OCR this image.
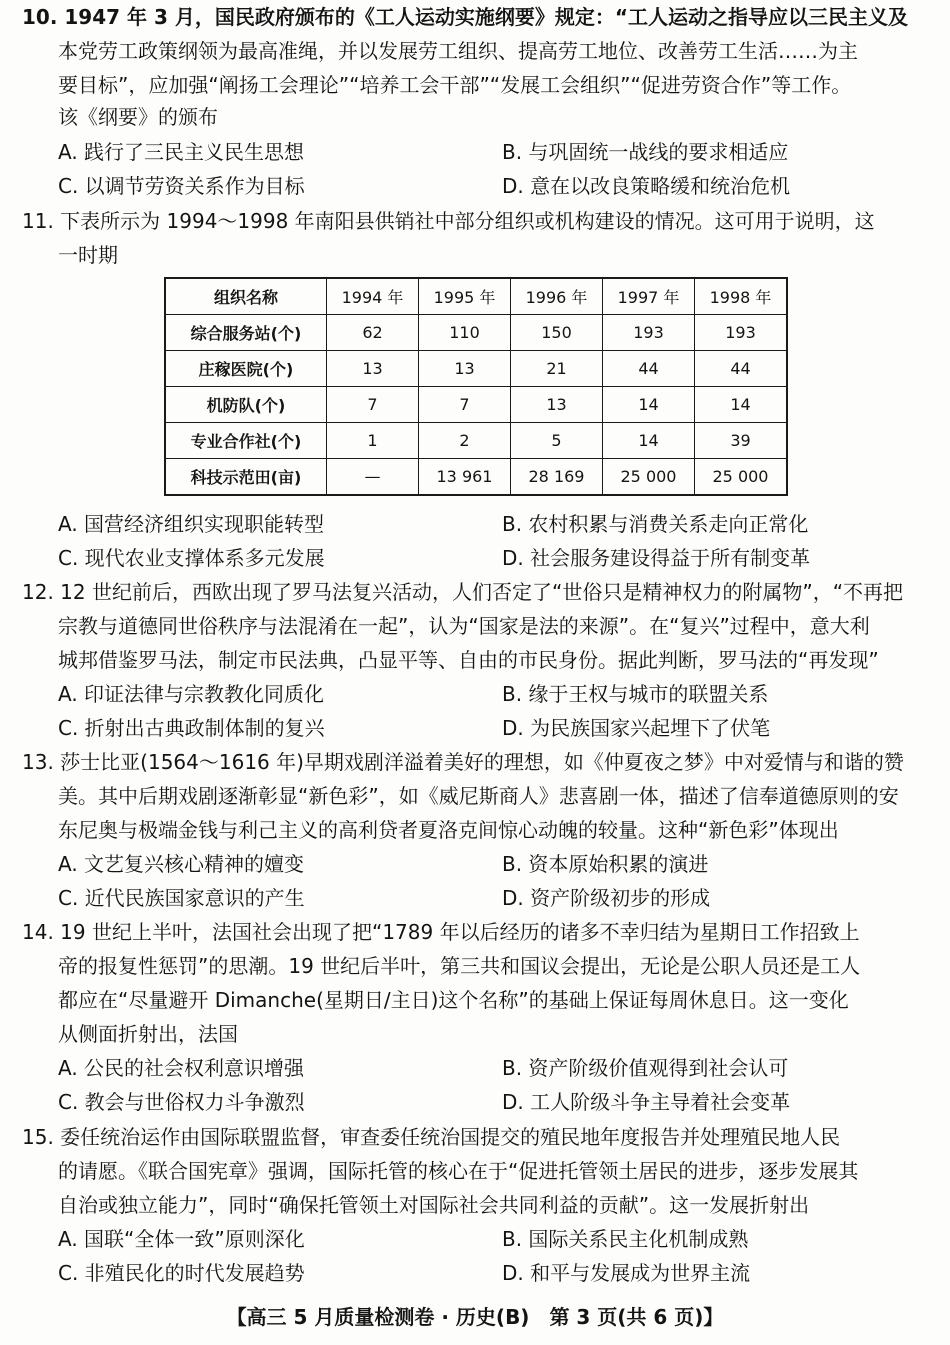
10. 1947 年 3 月，国民政府颁布的《工人运动实施纲要》规定：“工人运动之指导应以三民主义及
本党劳工政策纲领为最高准绳，并以发展劳工组织、提高劳工地位、改善劳工生活……为主
要目标”，应加强“阐扬工会理论”“培养工会干部”“发展工会组织”“促进劳资合作”等工作。
该《纲要》的颁布
A. 践行了三民主义民生思想	B. 与巩固统一战线的要求相适应
C. 以调节劳资关系作为目标	D. 意在以改良策略缓和统治危机
11. 下表所示为 1994～1998 年南阳县供销社中部分组织或机构建设的情况。这可用于说明，这
一时期
组织名称	1994 年	1995 年	1996 年	1997 年	1998 年
综合服务站(个)	62	110	150	193	193
庄稼医院(个)	13	13	21	44	44
机防队(个)	7	7	13	14	14
专业合作社(个)	1	2	5	14	39
科技示范田(亩)	—	13 961	28 169	25 000	25 000
A. 国营经济组织实现职能转型	B. 农村积累与消费关系走向正常化
C. 现代农业支撑体系多元发展	D. 社会服务建设得益于所有制变革
12. 12 世纪前后，西欧出现了罗马法复兴活动，人们否定了“世俗只是精神权力的附属物”，“不再把
宗教与道德同世俗秩序与法混淆在一起”，认为“国家是法的来源”。在“复兴”过程中，意大利
城邦借鉴罗马法，制定市民法典，凸显平等、自由的市民身份。据此判断，罗马法的“再发现”
A. 印证法律与宗教教化同质化	B. 缘于王权与城市的联盟关系
C. 折射出古典政制体制的复兴	D. 为民族国家兴起埋下了伏笔
13. 莎士比亚(1564～1616 年)早期戏剧洋溢着美好的理想，如《仲夏夜之梦》中对爱情与和谐的赞
美。其中后期戏剧逐渐彰显“新色彩”，如《威尼斯商人》悲喜剧一体，描述了信奉道德原则的安
东尼奥与极端金钱与利己主义的高利贷者夏洛克间惊心动魄的较量。这种“新色彩”体现出
A. 文艺复兴核心精神的嬗变	B. 资本原始积累的演进
C. 近代民族国家意识的产生	D. 资产阶级初步的形成
14. 19 世纪上半叶，法国社会出现了把“1789 年以后经历的诸多不幸归结为星期日工作招致上
帝的报复性惩罚”的思潮。19 世纪后半叶，第三共和国议会提出，无论是公职人员还是工人
都应在“尽量避开 Dimanche(星期日/主日)这个名称”的基础上保证每周休息日。这一变化
从侧面折射出，法国
A. 公民的社会权利意识增强	B. 资产阶级价值观得到社会认可
C. 教会与世俗权力斗争激烈	D. 工人阶级斗争主导着社会变革
15. 委任统治运作由国际联盟监督，审查委任统治国提交的殖民地年度报告并处理殖民地人民
的请愿。《联合国宪章》强调，国际托管的核心在于“促进托管领土居民的进步，逐步发展其
自治或独立能力”，同时“确保托管领土对国际社会共同利益的贡献”。这一发展折射出
A. 国联“全体一致”原则深化	B. 国际关系民主化机制成熟
C. 非殖民化的时代发展趋势	D. 和平与发展成为世界主流
【高三 5 月质量检测卷 · 历史(B)　第 3 页(共 6 页)】
